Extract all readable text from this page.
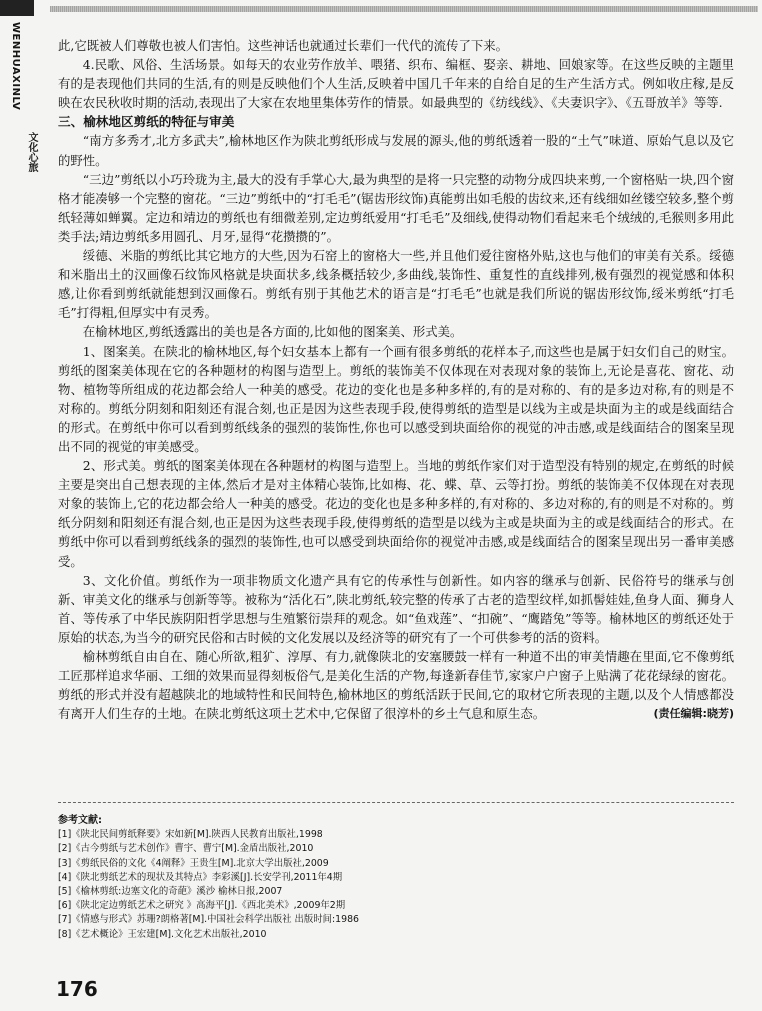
WENHUAXINLV
文化心旅

此,它既被人们尊敬也被人们害怕。这些神话也就通过长辈们一代代的流传了下来。

4.民歌、风俗、生活场景。如每天的农业劳作放羊、喂猪、织布、编框、娶亲、耕地、回娘家等。在这些反映的主题里有的是表现他们共同的生活,有的则是反映他们个人生活,反映着中国几千年来的自给自足的生产生活方式。例如收庄稼,是反映在农民秋收时期的活动,表现出了大家在农地里集体劳作的情景。如最典型的《纺线线》、《夫妻识字》、《五哥放羊》等等.

三、榆林地区剪纸的特征与审美

“南方多秀才,北方多武夫”,榆林地区作为陕北剪纸形成与发展的源头,他的剪纸透着一股的“土气”味道、原始气息以及它的野性。

“三边”剪纸以小巧玲珑为主,最大的没有手掌心大,最为典型的是将一只完整的动物分成四块来剪,一个窗格贴一块,四个窗格才能凑够一个完整的窗花。“三边”剪纸中的“打毛毛”(锯齿形纹饰)真能剪出如毛般的齿纹来,还有线细如丝镂空较多,整个剪纸轻薄如蝉翼。定边和靖边的剪纸也有细微差别,定边剪纸爱用“打毛毛”及细线,使得动物们看起来毛个绒绒的,毛猴则多用此类手法;靖边剪纸多用圆孔、月牙,显得“花攒攒的”。

绥德、米脂的剪纸比其它地方的大些,因为石窑上的窗格大一些,并且他们爱往窗格外贴,这也与他们的审美有关系。绥德和米脂出土的汉画像石纹饰风格就是块面状多,线条概括较少,多曲线,装饰性、重复性的直线排列,极有强烈的视觉感和体积感,让你看到剪纸就能想到汉画像石。剪纸有别于其他艺术的语言是“打毛毛”也就是我们所说的锯齿形纹饰,绥米剪纸“打毛毛”打得粗,但厚实中有灵秀。

在榆林地区,剪纸透露出的美也是各方面的,比如他的图案美、形式美。

1、图案美。在陕北的榆林地区,每个妇女基本上都有一个画有很多剪纸的花样本子,而这些也是属于妇女们自己的财宝。剪纸的图案美体现在它的各种题材的构图与造型上。剪纸的装饰美不仅体现在对表现对象的装饰上,无论是喜花、窗花、动物、植物等所组成的花边都会给人一种美的感受。花边的变化也是多种多样的,有的是对称的、有的是多边对称,有的则是不对称的。剪纸分阴刻和阳刻还有混合刻,也正是因为这些表现手段,使得剪纸的造型是以线为主或是块面为主的或是线面结合的形式。在剪纸中你可以看到剪纸线条的强烈的装饰性,你也可以感受到块面给你的视觉的冲击感,或是线面结合的图案呈现出不同的视觉的审美感受。

2、形式美。剪纸的图案美体现在各种题材的构图与造型上。当地的剪纸作家们对于造型没有特别的规定,在剪纸的时候主要是突出自己想表现的主体,然后才是对主体精心装饰,比如梅、花、蝶、草、云等打扮。剪纸的装饰美不仅体现在对表现对象的装饰上,它的花边都会给人一种美的感受。花边的变化也是多种多样的,有对称的、多边对称的,有的则是不对称的。剪纸分阴刻和阳刻还有混合刻,也正是因为这些表现手段,使得剪纸的造型是以线为主或是块面为主的或是线面结合的形式。在剪纸中你可以看到剪纸线条的强烈的装饰性,也可以感受到块面给你的视觉冲击感,或是线面结合的图案呈现出另一番审美感受。

3、文化价值。剪纸作为一项非物质文化遗产具有它的传承性与创新性。如内容的继承与创新、民俗符号的继承与创新、审美文化的继承与创新等等。被称为“活化石”,陕北剪纸,较完整的传承了古老的造型纹样,如抓髻娃娃,鱼身人面、狮身人首、等传承了中华民族阴阳哲学思想与生殖繁衍崇拜的观念。如“鱼戏莲”、“扣碗”、“鹰踏兔”等等。榆林地区的剪纸还处于原始的状态,为当今的研究民俗和古时候的文化发展以及经济等的研究有了一个可供参考的活的资料。

榆林剪纸自由自在、随心所欲,粗犷、淳厚、有力,就像陕北的安塞腰鼓一样有一种道不出的审美情趣在里面,它不像剪纸工匠那样追求华丽、工细的效果而显得刻板俗气,是美化生活的产物,每逢新春佳节,家家户户窗子上贴满了花花绿绿的窗花。剪纸的形式并没有超越陕北的地域特性和民间特色,榆林地区的剪纸活跃于民间,它的取材它所表现的主题,以及个人情感都没有离开人们生存的土地。在陕北剪纸这项土艺术中,它保留了很淳朴的乡土气息和原生态。	(责任编辑:晓芳)

参考文献:
[1]《陕北民间剪纸释要》宋如新[M].陕西人民教育出版社,1998
[2]《古今剪纸与艺术创作》曹宇、曹宁[M].金盾出版社,2010
[3]《剪纸民俗的文化《4阐释》王贵生[M].北京大学出版社,2009
[4]《陕北剪纸艺术的现状及其特点》李彩溪[J].长安学刊,2011年4期
[5]《榆林剪纸:边塞文化的奇葩》溪沙 榆林日报,2007
[6]《陕北定边剪纸艺术之研究 》高海平[J].《西北美术》,2009年2期
[7]《情感与形式》苏珊?朗格著[M].中国社会科学出版社 出版时间:1986
[8]《艺术概论》王宏建[M].文化艺术出版社,2010
176
